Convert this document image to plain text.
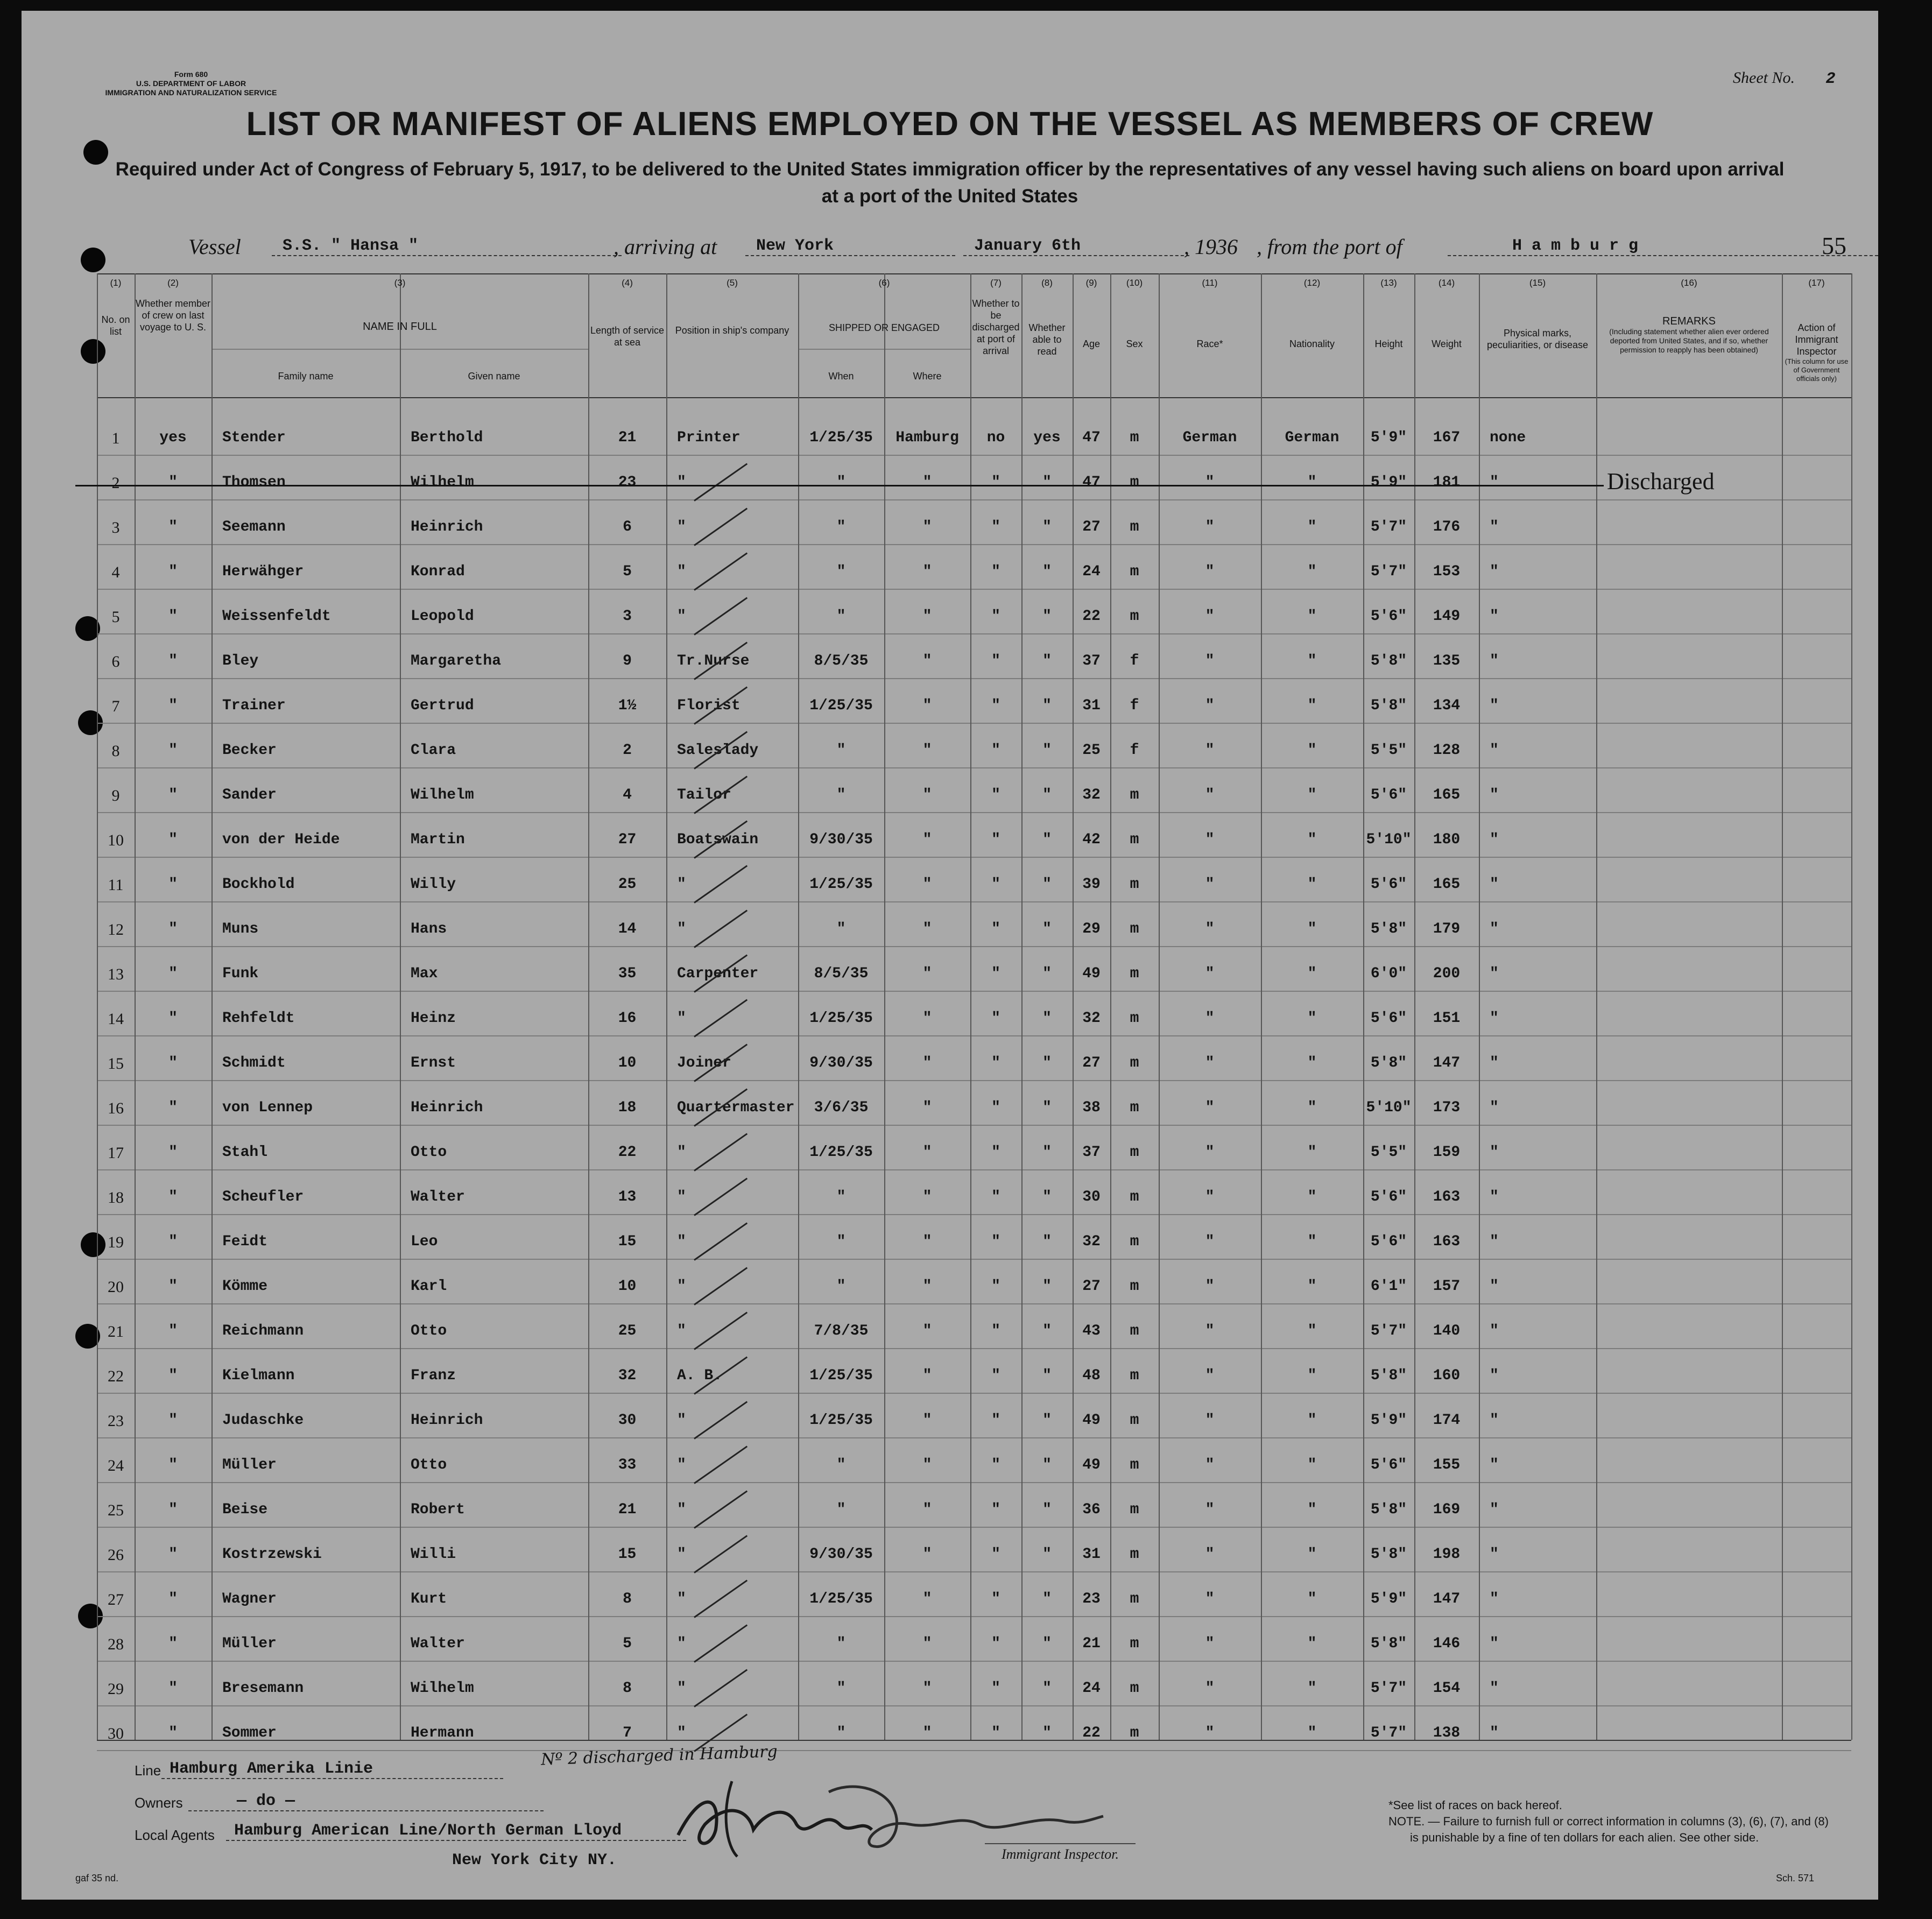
Form 680
U.S. DEPARTMENT OF LABOR
IMMIGRATION AND NATURALIZATION SERVICE
Sheet No. 2
LIST OR MANIFEST OF ALIENS EMPLOYED ON THE VESSEL AS MEMBERS OF CREW
Required under Act of Congress of February 5, 1917, to be delivered to the United States immigration officer by the representatives of any vessel having such aliens on board upon arrival
at a port of the United States
Vessel	S.S. " Hansa "	, arriving at	New York	January 6th	, 1936 , from the port of	H a m b u r g	55
(1)	(2)	(3)	(4)	(5)	(6)	(7)	(8)	(9)	(10)	(11)	(12)	(13)	(14)	(15)	(16)	(17)
No. on list
Whether member of crew on last voyage to U. S.	NAME IN FULL
Family name	Given name
Length of service at sea
Position in ship's company	SHIPPED OR ENGAGED
When	Where
Whether to be discharged at port of arrival
Whether able to read
Age	Sex	Race*	Nationality	Height	Weight
Physical marks, peculiarities, or disease
REMARKS
(Including statement whether alien ever ordered deported from United States, and if so, whether permission to reapply has been obtained)
Action of Immigrant Inspector
(This column for use of Government officials only)
1	yes	Stender	Berthold	21	Printer	1/25/35	Hamburg	no	yes	47	m	German	German	5'9"	167	none
2	"	Thomsen	Wilhelm	23	"	"	"	"	"	47	m	"	"	5'9"	181	"	Discharged
3	"	Seemann	Heinrich	6	"	"	"	"	"	27	m	"	"	5'7"	176	"
4	"	Herwähger	Konrad	5	"	"	"	"	"	24	m	"	"	5'7"	153	"
5	"	Weissenfeldt	Leopold	3	"	"	"	"	"	22	m	"	"	5'6"	149	"
6	"	Bley	Margaretha	9	Tr.Nurse	8/5/35	"	"	"	37	f	"	"	5'8"	135	"
7	"	Trainer	Gertrud	1½	Florist	1/25/35	"	"	"	31	f	"	"	5'8"	134	"
8	"	Becker	Clara	2	Saleslady	"	"	"	"	25	f	"	"	5'5"	128	"
9	"	Sander	Wilhelm	4	Tailor	"	"	"	"	32	m	"	"	5'6"	165	"
10	"	von der Heide	Martin	27	Boatswain	9/30/35	"	"	"	42	m	"	"	5'10"	180	"
11	"	Bockhold	Willy	25	"	1/25/35	"	"	"	39	m	"	"	5'6"	165	"
12	"	Muns	Hans	14	"	"	"	"	"	29	m	"	"	5'8"	179	"
13	"	Funk	Max	35	Carpenter	8/5/35	"	"	"	49	m	"	"	6'0"	200	"
14	"	Rehfeldt	Heinz	16	"	1/25/35	"	"	"	32	m	"	"	5'6"	151	"
15	"	Schmidt	Ernst	10	Joiner	9/30/35	"	"	"	27	m	"	"	5'8"	147	"
16	"	von Lennep	Heinrich	18	Quartermaster	3/6/35	"	"	"	38	m	"	"	5'10"	173	"
17	"	Stahl	Otto	22	"	1/25/35	"	"	"	37	m	"	"	5'5"	159	"
18	"	Scheufler	Walter	13	"	"	"	"	"	30	m	"	"	5'6"	163	"
19	"	Feidt	Leo	15	"	"	"	"	"	32	m	"	"	5'6"	163	"
20	"	Kömme	Karl	10	"	"	"	"	"	27	m	"	"	6'1"	157	"
21	"	Reichmann	Otto	25	"	7/8/35	"	"	"	43	m	"	"	5'7"	140	"
22	"	Kielmann	Franz	32	A. B.	1/25/35	"	"	"	48	m	"	"	5'8"	160	"
23	"	Judaschke	Heinrich	30	"	1/25/35	"	"	"	49	m	"	"	5'9"	174	"
24	"	Müller	Otto	33	"	"	"	"	"	49	m	"	"	5'6"	155	"
25	"	Beise	Robert	21	"	"	"	"	"	36	m	"	"	5'8"	169	"
26	"	Kostrzewski	Willi	15	"	9/30/35	"	"	"	31	m	"	"	5'8"	198	"
27	"	Wagner	Kurt	8	"	1/25/35	"	"	"	23	m	"	"	5'9"	147	"
28	"	Müller	Walter	5	"	"	"	"	"	21	m	"	"	5'8"	146	"
29	"	Bresemann	Wilhelm	8	"	"	"	"	"	24	m	"	"	5'7"	154	"
30	"	Sommer	Hermann	7	"	"	"	"	"	22	m	"	"	5'7"	138	"
Line Hamburg Amerika Linie
Owners	— do —
Local Agents	Hamburg American Line/North German Lloyd
New York City NY.
Nº 2 discharged in Hamburg
Immigrant Inspector.
*See list of races on back hereof.
NOTE. — Failure to furnish full or correct information in columns (3), (6), (7), and (8)
is punishable by a fine of ten dollars for each alien. See other side.
gaf 35 nd.	Sch. 571
